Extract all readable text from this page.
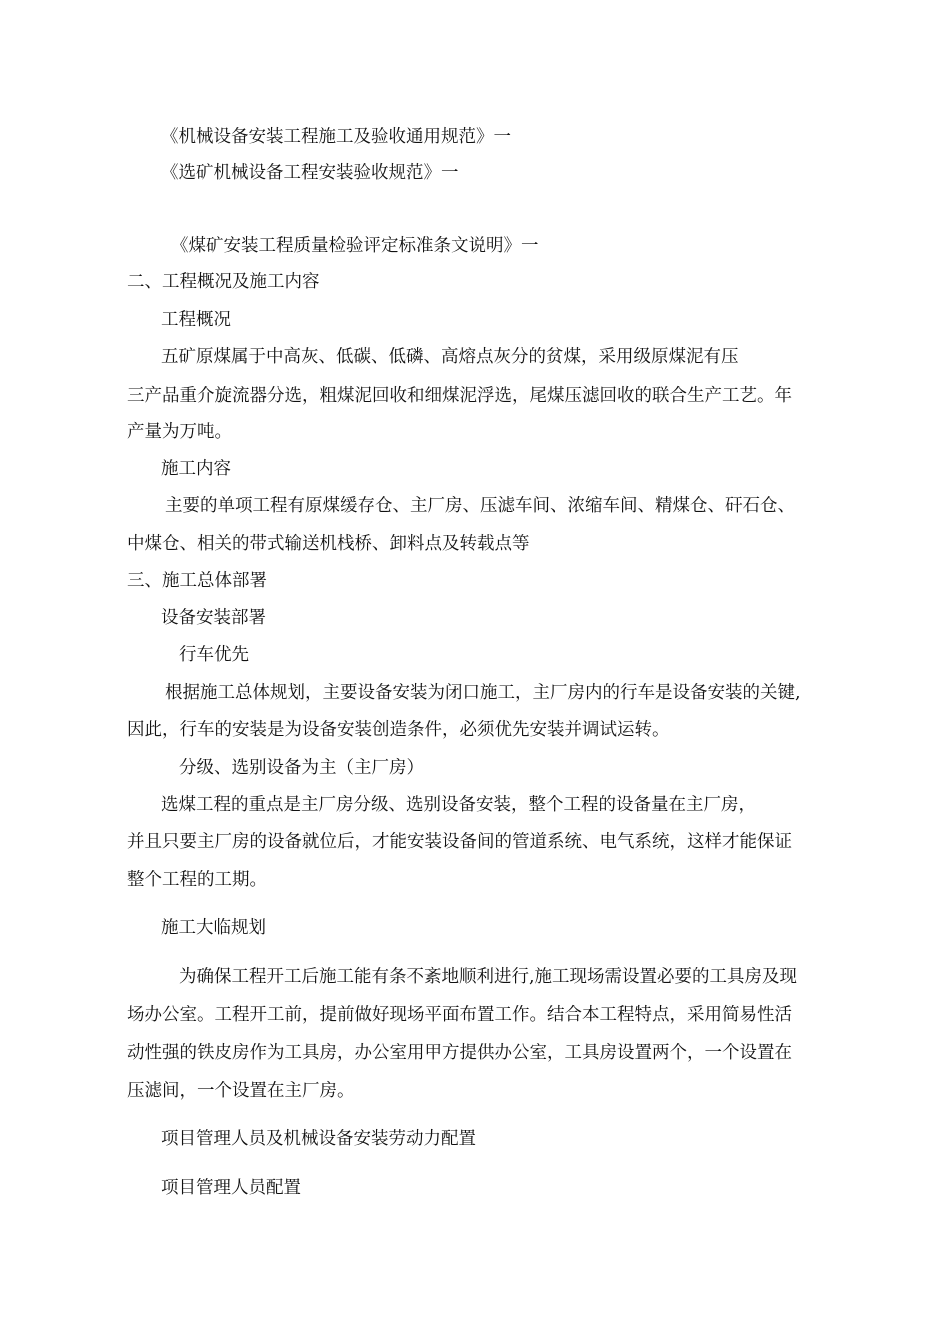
《机械设备安装工程施工及验收通用规范》一

《选矿机械设备工程安装验收规范》一

《煤矿安装工程质量检验评定标准条文说明》一

二、工程概况及施工内容

工程概况

五矿原煤属于中高灰、低碳、低磷、高熔点灰分的贫煤，采用级原煤泥有压

三产品重介旋流器分选，粗煤泥回收和细煤泥浮选，尾煤压滤回收的联合生产工艺。年

产量为万吨。

施工内容

主要的单项工程有原煤缓存仓、主厂房、压滤车间、浓缩车间、精煤仓、矸石仓、

中煤仓、相关的带式输送机栈桥、卸料点及转载点等

三、施工总体部署

设备安装部署

行车优先

根据施工总体规划，主要设备安装为闭口施工，主厂房内的行车是设备安装的关键,

因此，行车的安装是为设备安装创造条件，必须优先安装并调试运转。

分级、选别设备为主（主厂房）

选煤工程的重点是主厂房分级、选别设备安装，整个工程的设备量在主厂房，

并且只要主厂房的设备就位后，才能安装设备间的管道系统、电气系统，这样才能保证

整个工程的工期。

施工大临规划

为确保工程开工后施工能有条不紊地顺利进行,施工现场需设置必要的工具房及现

场办公室。工程开工前，提前做好现场平面布置工作。结合本工程特点，采用简易性活

动性强的铁皮房作为工具房，办公室用甲方提供办公室，工具房设置两个，一个设置在

压滤间，一个设置在主厂房。

项目管理人员及机械设备安装劳动力配置

项目管理人员配置
